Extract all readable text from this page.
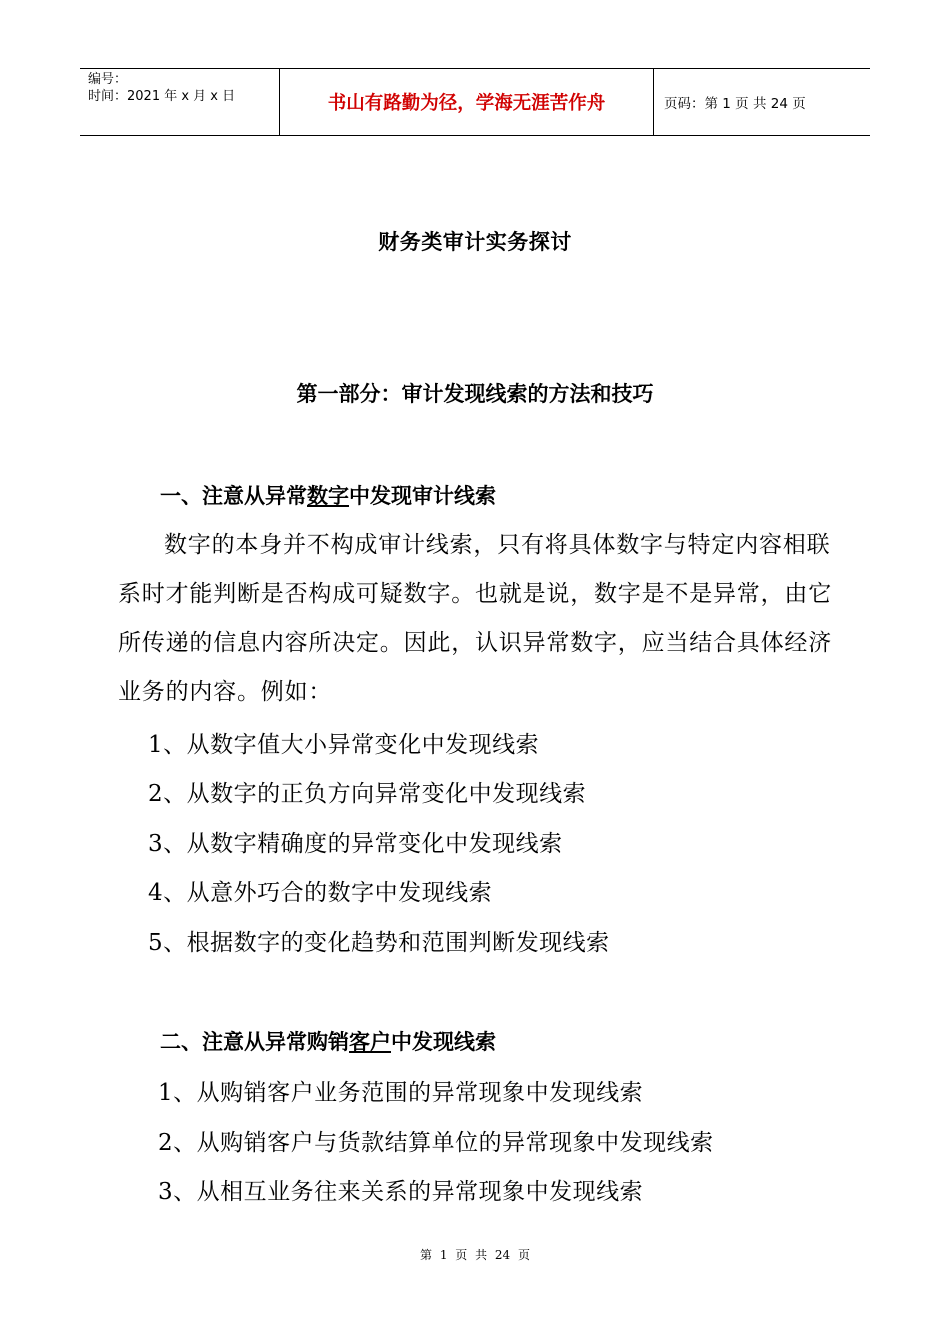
编号：
时间：2021 年 x 月 x 日	书山有路勤为径，学海无涯苦作舟	页码：第 1 页 共 24 页
财务类审计实务探讨
第一部分：审计发现线索的方法和技巧
一、注意从异常数字中发现审计线索

数字的本身并不构成审计线索，只有将具体数字与特定内容相联系时才能判断是否构成可疑数字。也就是说，数字是不是异常，由它所传递的信息内容所决定。因此，认识异常数字，应当结合具体经济业务的内容。例如：

1、从数字值大小异常变化中发现线索
2、从数字的正负方向异常变化中发现线索
3、从数字精确度的异常变化中发现线索
4、从意外巧合的数字中发现线索
5、根据数字的变化趋势和范围判断发现线索
二、注意从异常购销客户中发现线索
1、从购销客户业务范围的异常现象中发现线索
2、从购销客户与货款结算单位的异常现象中发现线索
3、从相互业务往来关系的异常现象中发现线索
第 1 页 共 24 页
